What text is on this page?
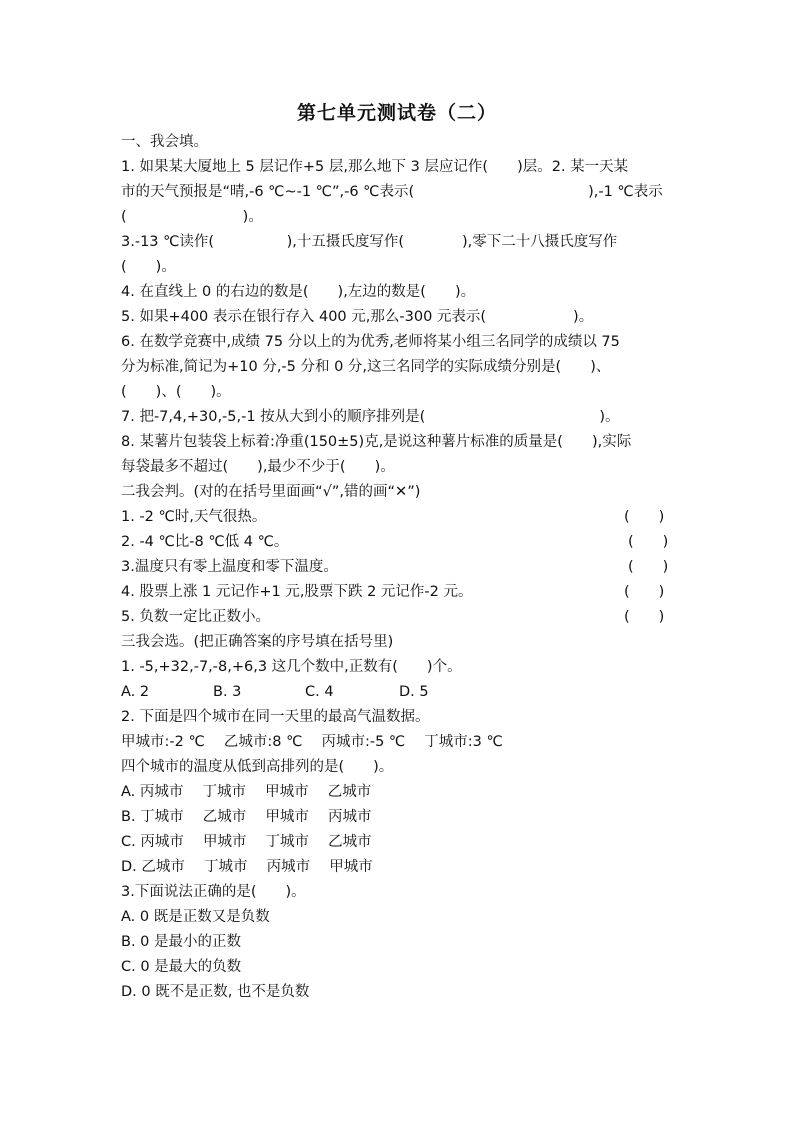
第七单元测试卷（二）
一、我会填。
1. 如果某大厦地上 5 层记作+5 层,那么地下 3 层应记作(　　)层。2. 某一天某
市的天气预报是“晴,-6 ℃~-1 ℃”,-6 ℃表示(　　　　　　　　　　　　),-1 ℃表示
(　　　　　　　　)。
3.-13 ℃读作(　　　　　),十五摄氏度写作(　　　　),零下二十八摄氏度写作
(　　)。
4. 在直线上 0 的右边的数是(　　),左边的数是(　　)。
5. 如果+400 表示在银行存入 400 元,那么-300 元表示(　　　　　　)。
6. 在数学竞赛中,成绩 75 分以上的为优秀,老师将某小组三名同学的成绩以 75
分为标准,简记为+10 分,-5 分和 0 分,这三名同学的实际成绩分别是(　　)、
(　　)、(　　)。
7. 把-7,4,+30,-5,-1 按从大到小的顺序排列是(　　　　　　　　　　　　)。
8. 某薯片包装袋上标着:净重(150±5)克,是说这种薯片标准的质量是(　　),实际
每袋最多不超过(　　),最少不少于(　　)。
二我会判。(对的在括号里面画“√”,错的画“✕”)
1. -2 ℃时,天气很热。	(　　)
2. -4 ℃比-8 ℃低 4 ℃。	(　　)
3.温度只有零上温度和零下温度。	(　　)
4. 股票上涨 1 元记作+1 元,股票下跌 2 元记作-2 元。	(　　)
5. 负数一定比正数小。	(　　)
三我会选。(把正确答案的序号填在括号里)
1. -5,+32,-7,-8,+6,3 这几个数中,正数有(　　)个。
A. 2	B. 3	C. 4	D. 5
2. 下面是四个城市在同一天里的最高气温数据。
甲城市:-2 ℃　 乙城市:8 ℃　 丙城市:-5 ℃　 丁城市:3 ℃
四个城市的温度从低到高排列的是(　　)。
A. 丙城市　 丁城市　 甲城市　 乙城市
B. 丁城市　 乙城市　 甲城市　 丙城市
C. 丙城市　 甲城市　 丁城市　 乙城市
D. 乙城市　 丁城市　 丙城市　 甲城市
3.下面说法正确的是(　　)。
A. 0 既是正数又是负数
B. 0 是最小的正数
C. 0 是最大的负数
D. 0 既不是正数, 也不是负数
